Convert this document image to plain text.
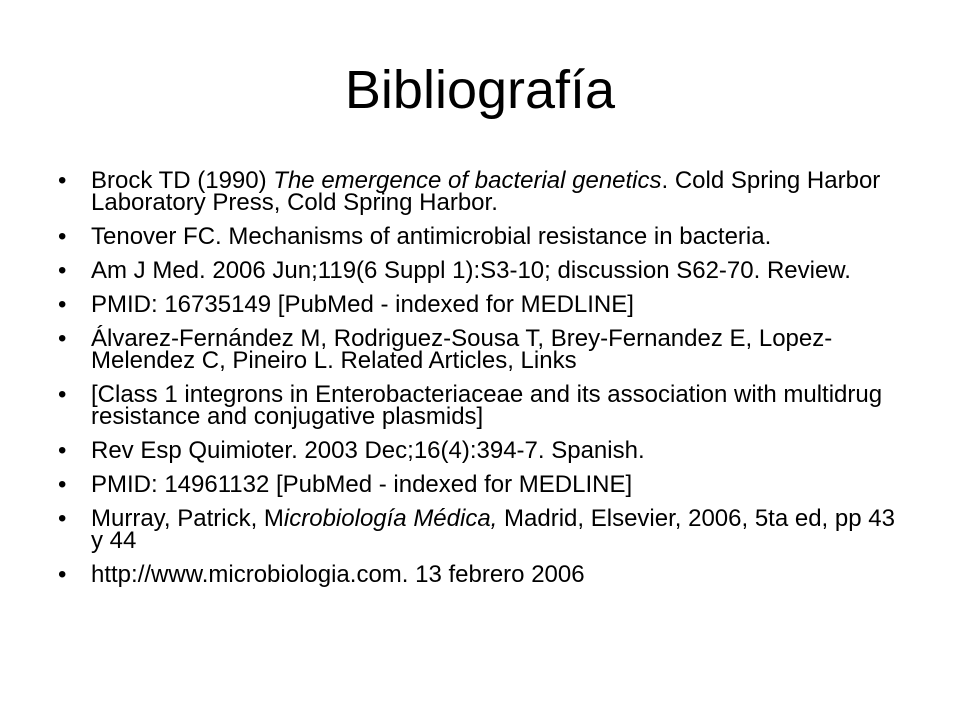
Bibliografía
•	Brock TD (1990) The emergence of bacterial genetics. Cold Spring Harbor Laboratory Press, Cold Spring Harbor.
•	Tenover FC. Mechanisms of antimicrobial resistance in bacteria.
•	Am J Med. 2006 Jun;119(6 Suppl 1):S3-10; discussion S62-70. Review.
•	PMID: 16735149 [PubMed - indexed for MEDLINE]
•	Álvarez-Fernández M, Rodriguez-Sousa T, Brey-Fernandez E, Lopez-Melendez C, Pineiro L. Related Articles, Links
•	[Class 1 integrons in Enterobacteriaceae and its association with multidrug resistance and conjugative plasmids]
•	Rev Esp Quimioter. 2003 Dec;16(4):394-7. Spanish.
•	PMID: 14961132 [PubMed - indexed for MEDLINE]
•	Murray, Patrick, Microbiología Médica, Madrid, Elsevier, 2006, 5ta ed, pp 43 y 44
•	http://www.microbiologia.com. 13 febrero 2006
